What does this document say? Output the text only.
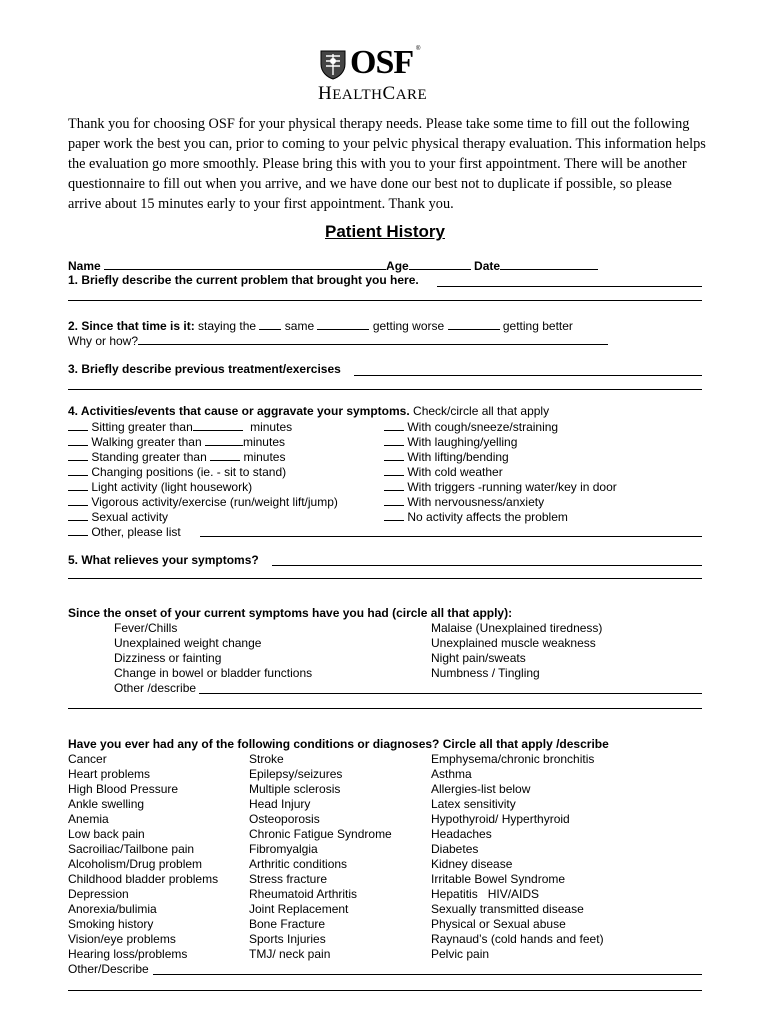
OSF ®
HEALTHCARE
Thank you for choosing OSF for your physical therapy needs. Please take some time to fill out the following paper work the best you can, prior to coming to your pelvic physical therapy evaluation. This information helps the evaluation go more smoothly. Please bring this with you to your first appointment. There will be another questionnaire to fill out when you arrive, and we have done our best not to duplicate if possible, so please arrive about 15 minutes early to your first appointment. Thank you.
Patient History
Name	Age	Date
1. Briefly describe the current problem that brought you here.
2. Since that time is it: staying the same	getting worse	getting better
Why or how?
3. Briefly describe previous treatment/exercises
4. Activities/events that cause or aggravate your symptoms. Check/circle all that apply
Sitting greater than	minutes
Walking greater than	minutes
Standing greater than	minutes
Changing positions (ie. - sit to stand)
Light activity (light housework)
Vigorous activity/exercise (run/weight lift/jump)
Sexual activity
Other, please list
With cough/sneeze/straining
With laughing/yelling
With lifting/bending
With cold weather
With triggers -running water/key in door
With nervousness/anxiety
No activity affects the problem
5. What relieves your symptoms?
Since the onset of your current symptoms have you had (circle all that apply):
Fever/Chills
Unexplained weight change
Dizziness or fainting
Change in bowel or bladder functions
Other /describe
Malaise (Unexplained tiredness)
Unexplained muscle weakness
Night pain/sweats
Numbness / Tingling
Have you ever had any of the following conditions or diagnoses? Circle all that apply /describe
Cancer
Heart problems
High Blood Pressure
Ankle swelling
Anemia
Low back pain
Sacroiliac/Tailbone pain
Alcoholism/Drug problem
Childhood bladder problems
Depression
Anorexia/bulimia
Smoking history
Vision/eye problems
Hearing loss/problems
Stroke
Epilepsy/seizures
Multiple sclerosis
Head Injury
Osteoporosis
Chronic Fatigue Syndrome
Fibromyalgia
Arthritic conditions
Stress fracture
Rheumatoid Arthritis
Joint Replacement
Bone Fracture
Sports Injuries
TMJ/ neck pain
Emphysema/chronic bronchitis
Asthma
Allergies-list below
Latex sensitivity
Hypothyroid/ Hyperthyroid
Headaches
Diabetes
Kidney disease
Irritable Bowel Syndrome
Hepatitis   HIV/AIDS
Sexually transmitted disease
Physical or Sexual abuse
Raynaud’s (cold hands and feet)
Pelvic pain
Other/Describe
